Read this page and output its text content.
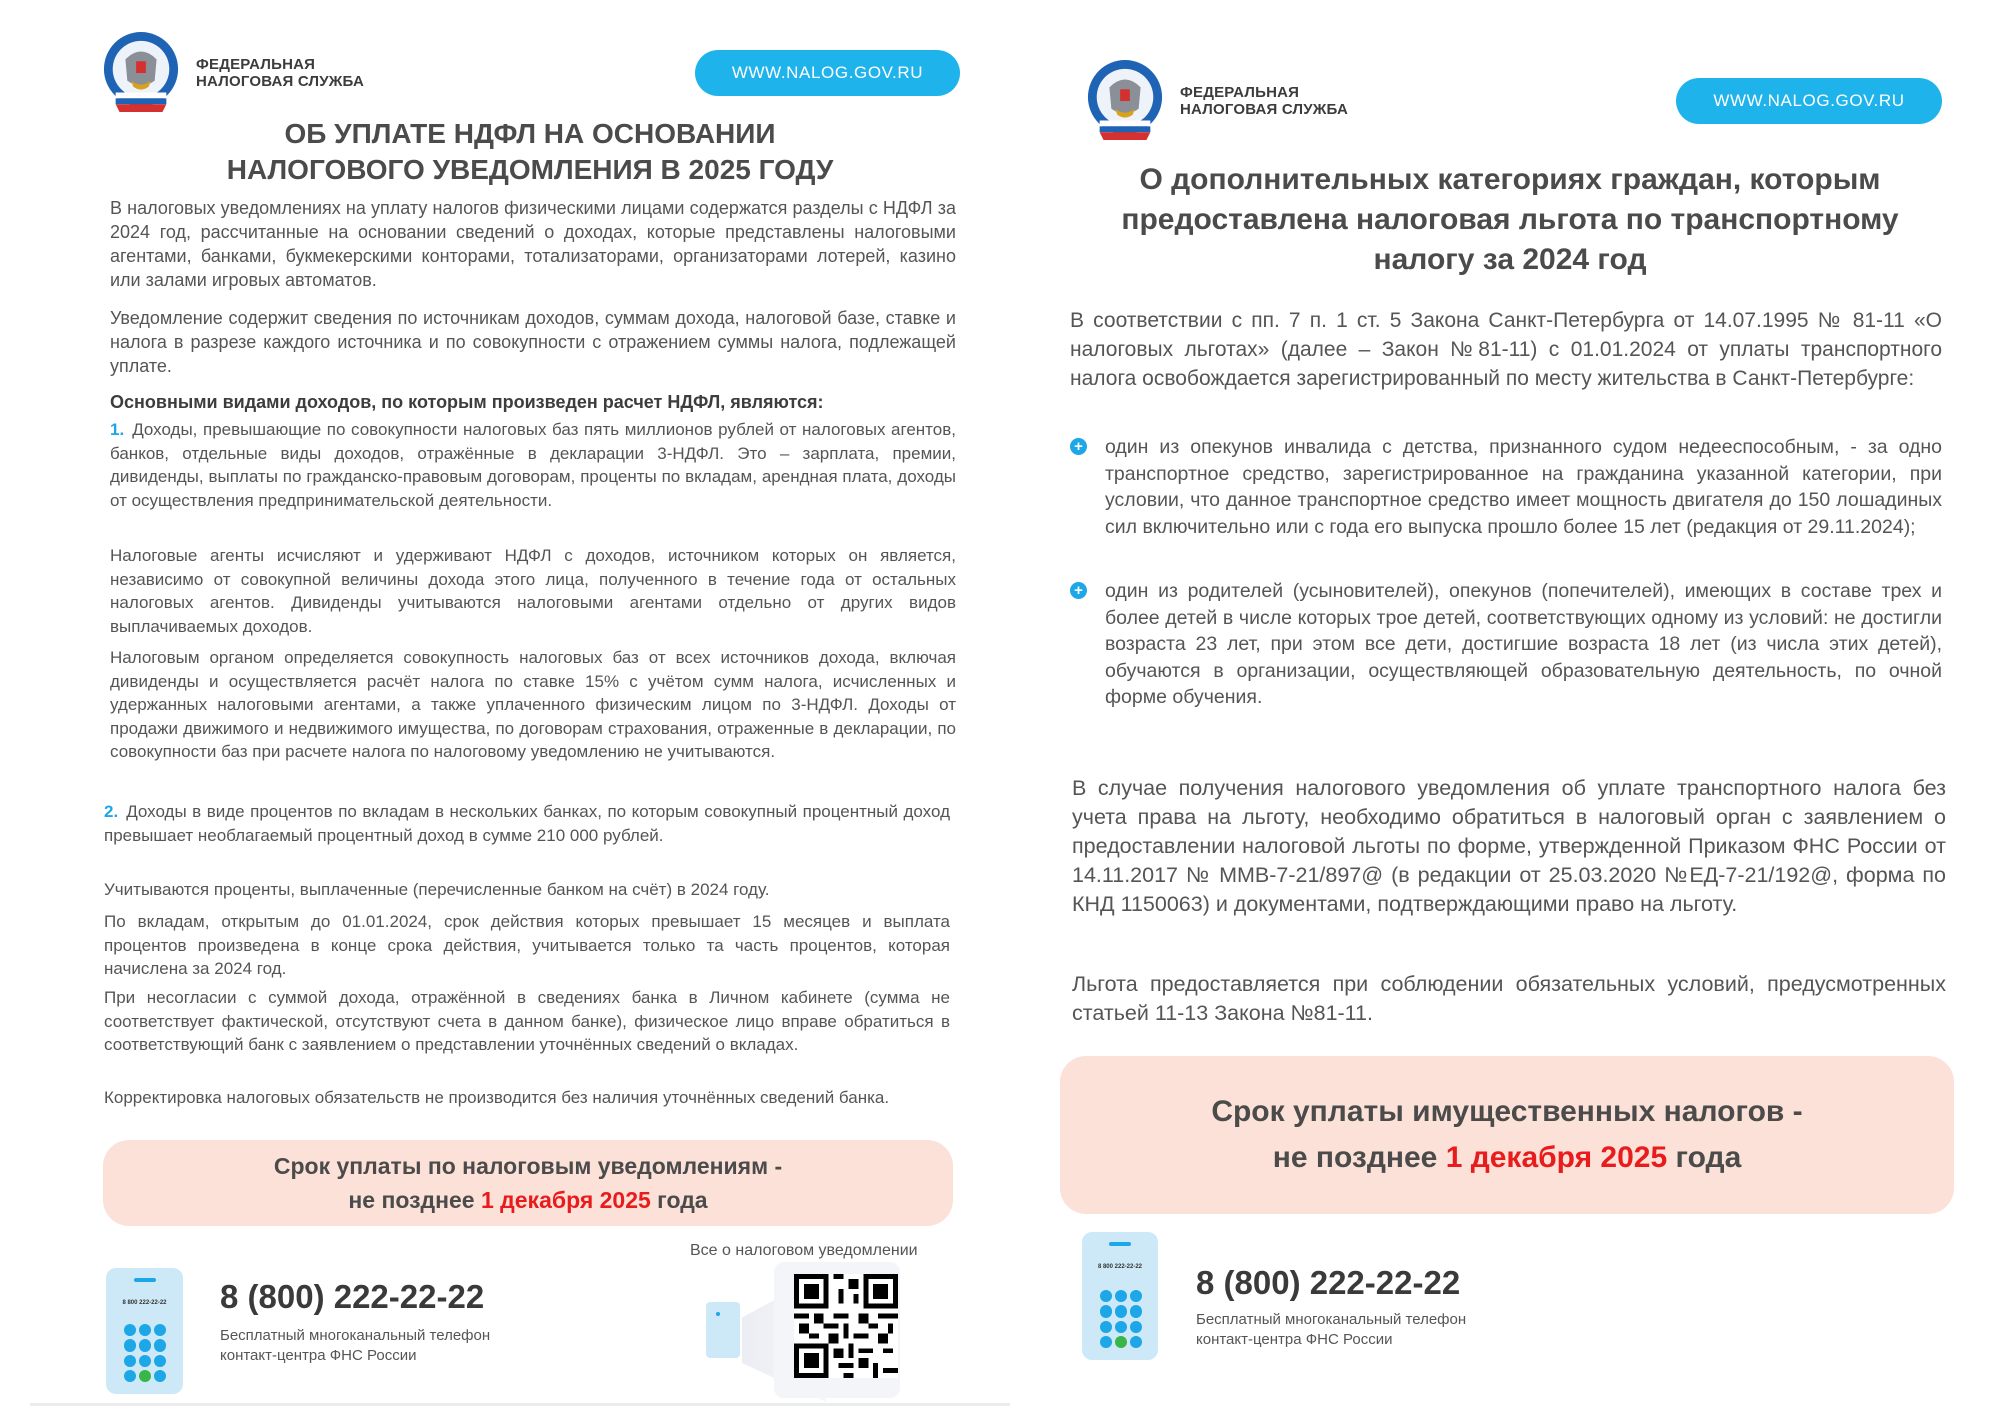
ФЕДЕРАЛЬНАЯ
НАЛОГОВАЯ СЛУЖБА	WWW.NALOG.GOV.RU
ОБ УПЛАТЕ НДФЛ НА ОСНОВАНИИ
НАЛОГОВОГО УВЕДОМЛЕНИЯ В 2025 ГОДУ
В налоговых уведомлениях на уплату налогов физическими лицами содержатся разделы с НДФЛ за 2024 год, рассчитанные на основании сведений о доходах, которые представлены налоговыми агентами, банками, букмекерскими конторами, тотализаторами, организаторами лотерей, казино или залами игровых автоматов.
Уведомление содержит сведения по источникам доходов, суммам дохода, налоговой базе, ставке и налога в разрезе каждого источника и по совокупности с отражением суммы налога, подлежащей уплате.
Основными видами доходов, по которым произведен расчет НДФЛ, являются:
1. Доходы, превышающие по совокупности налоговых баз пять миллионов рублей от налоговых агентов, банков, отдельные виды доходов, отражённые в декларации 3-НДФЛ. Это – зарплата, премии, дивиденды, выплаты по гражданско-правовым договорам, проценты по вкладам, арендная плата, доходы от осуществления предпринимательской деятельности.
Налоговые агенты исчисляют и удерживают НДФЛ с доходов, источником которых он является, независимо от совокупной величины дохода этого лица, полученного в течение года от остальных налоговых агентов. Дивиденды учитываются налоговыми агентами отдельно от других видов выплачиваемых доходов.
Налоговым органом определяется совокупность налоговых баз от всех источников дохода, включая дивиденды и осуществляется расчёт налога по ставке 15% с учётом сумм налога, исчисленных и удержанных налоговыми агентами, а также уплаченного физическим лицом по 3-НДФЛ. Доходы от продажи движимого и недвижимого имущества, по договорам страхования, отраженные в декларации, по совокупности баз при расчете налога по налоговому уведомлению не учитываются.
2. Доходы в виде процентов по вкладам в нескольких банках, по которым совокупный процентный доход превышает необлагаемый процентный доход в сумме 210 000 рублей.
Учитываются проценты, выплаченные (перечисленные банком на счёт) в 2024 году.
По вкладам, открытым до 01.01.2024, срок действия которых превышает 15 месяцев и выплата процентов произведена в конце срока действия, учитывается только та часть процентов, которая начислена за 2024 год.
При несогласии с суммой дохода, отражённой в сведениях банка в Личном кабинете (сумма не соответствует фактической, отсутствуют счета в данном банке), физическое лицо вправе обратиться в соответствующий банк с заявлением о представлении уточнённых сведений о вкладах.
Корректировка налоговых обязательств не производится без наличия уточнённых сведений банка.
Срок уплаты по налоговым уведомлениям -
не позднее 1 декабря 2025 года
8 800 222-22-22	8 (800) 222-22-22
Бесплатный многоканальный телефон
контакт-центра ФНС России
Все о налоговом уведомлении
ФЕДЕРАЛЬНАЯ
НАЛОГОВАЯ СЛУЖБА	WWW.NALOG.GOV.RU
О дополнительных категориях граждан, которым
предоставлена налоговая льгота по транспортному
налогу за 2024 год
В соответствии с пп. 7 п. 1 ст. 5 Закона Санкт-Петербурга от 14.07.1995 № 81-11 «О налоговых льготах» (далее – Закон №81-11) с 01.01.2024 от уплаты транспортного налога освобождается зарегистрированный по месту жительства в Санкт-Петербурге:
+ один из опекунов инвалида с детства, признанного судом недееспособным, - за одно транспортное средство, зарегистрированное на гражданина указанной категории, при условии, что данное транспортное средство имеет мощность двигателя до 150 лошадиных сил включительно или с года его выпуска прошло более 15 лет (редакция от 29.11.2024);
+ один из родителей (усыновителей), опекунов (попечителей), имеющих в составе трех и более детей в числе которых трое детей, соответствующих одному из условий: не достигли возраста 23 лет, при этом все дети, достигшие возраста 18 лет (из числа этих детей), обучаются в организации, осуществляющей образовательную деятельность, по очной форме обучения.
В случае получения налогового уведомления об уплате транспортного налога без учета права на льготу, необходимо обратиться в налоговый орган с заявлением о предоставлении налоговой льготы по форме, утвержденной Приказом ФНС России от 14.11.2017 № ММВ-7-21/897@ (в редакции от 25.03.2020 №ЕД-7-21/192@, форма по КНД 1150063) и документами, подтверждающими право на льготу.
Льгота предоставляется при соблюдении обязательных условий, предусмотренных статьей 11-13 Закона №81-11.
Срок уплаты имущественных налогов -
не позднее 1 декабря 2025 года
8 800 222-22-22	8 (800) 222-22-22
Бесплатный многоканальный телефон
контакт-центра ФНС России
